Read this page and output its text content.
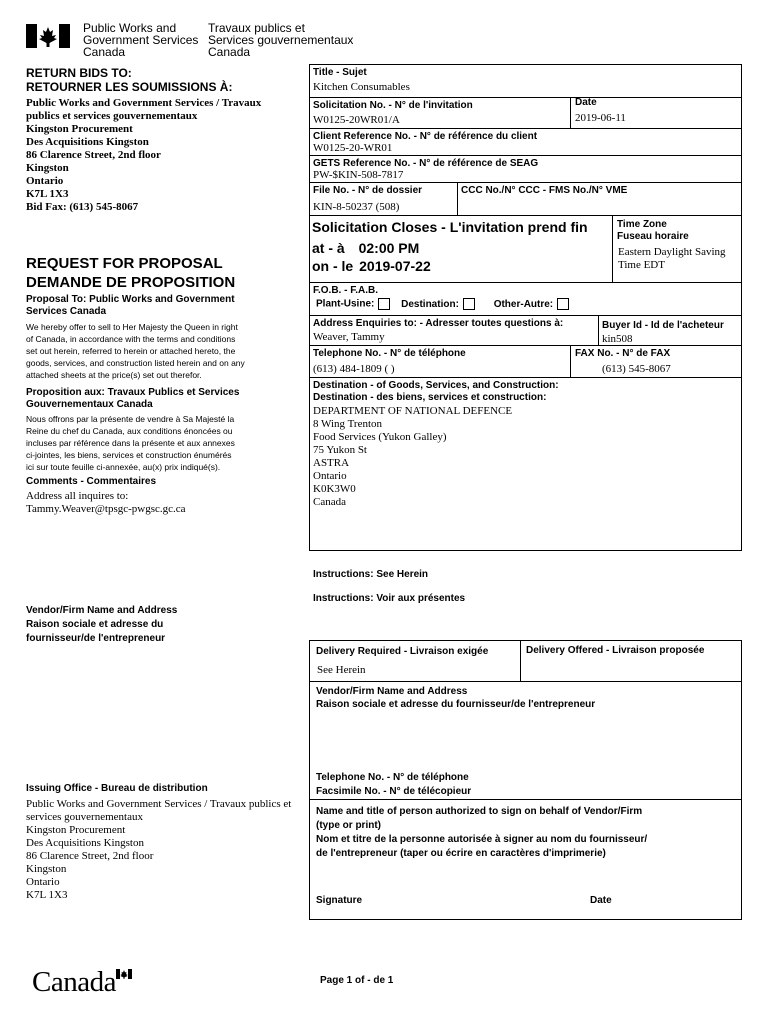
Public Works and
Government Services
Canada
Travaux publics et
Services gouvernementaux
Canada
RETURN BIDS TO:
RETOURNER LES SOUMISSIONS À:
Public Works and Government Services / Travaux
publics et services gouvernementaux
Kingston Procurement
Des Acquisitions Kingston
86 Clarence Street, 2nd floor
Kingston
Ontario
K7L 1X3
Bid Fax: (613) 545-8067
REQUEST FOR PROPOSAL
DEMANDE DE PROPOSITION
Proposal To: Public Works and Government
Services Canada
We hereby offer to sell to Her Majesty the Queen in right
of Canada, in accordance with the terms and conditions
set out herein, referred to herein or attached hereto, the
goods, services, and construction listed herein and on any
attached sheets at the price(s) set out therefor.
Proposition aux: Travaux Publics et Services
Gouvernementaux Canada
Nous offrons par la présente de vendre à Sa Majesté la
Reine du chef du Canada, aux conditions énoncées ou
incluses par référence dans la présente et aux annexes
ci-jointes, les biens, services et construction énumérés
ici sur toute feuille ci-annexée, au(x) prix indiqué(s).
Comments - Commentaires
Address all inquires to:
Tammy.Weaver@tpsgc-pwgsc.gc.ca
Vendor/Firm Name and Address
Raison sociale et adresse du
fournisseur/de l'entrepreneur
Issuing Office - Bureau de distribution
Public Works and Government Services / Travaux publics et
services gouvernementaux
Kingston Procurement
Des Acquisitions Kingston
86 Clarence Street, 2nd floor
Kingston
Ontario
K7L 1X3
Title - Sujet
Kitchen Consumables
Solicitation No. - N° de l'invitation
W0125-20WR01/A
Date
2019-06-11
Client Reference No. - N° de référence du client
W0125-20-WR01
GETS Reference No. - N° de référence de SEAG
PW-$KIN-508-7817
File No. - N° de dossier
KIN-8-50237 (508)
CCC No./N° CCC - FMS No./N° VME
Solicitation Closes - L'invitation prend fin
at - à 02:00 PM
on - le 2019-07-22
Time Zone
Fuseau horaire
Eastern Daylight Saving
Time EDT
F.O.B. - F.A.B.
Plant-Usine:	Destination:	Other-Autre:
Address Enquiries to: - Adresser toutes questions à:
Weaver, Tammy
Buyer Id - Id de l'acheteur
kin508
Telephone No. - N° de téléphone
(613) 484-1809 ( )
FAX No. - N° de FAX
(613) 545-8067
Destination - of Goods, Services, and Construction:
Destination - des biens, services et construction:
DEPARTMENT OF NATIONAL DEFENCE
8 Wing Trenton
Food Services (Yukon Galley)
75 Yukon St
ASTRA
Ontario
K0K3W0
Canada
Instructions: See Herein
Instructions: Voir aux présentes
Delivery Required - Livraison exigée
See Herein
Delivery Offered - Livraison proposée
Vendor/Firm Name and Address
Raison sociale et adresse du fournisseur/de l'entrepreneur
Telephone No. - N° de téléphone
Facsimile No. - N° de télécopieur
Name and title of person authorized to sign on behalf of Vendor/Firm
(type or print)
Nom et titre de la personne autorisée à signer au nom du fournisseur/
de l'entrepreneur (taper ou écrire en caractères d'imprimerie)
Signature	Date
Canada	Page 1 of - de 1
